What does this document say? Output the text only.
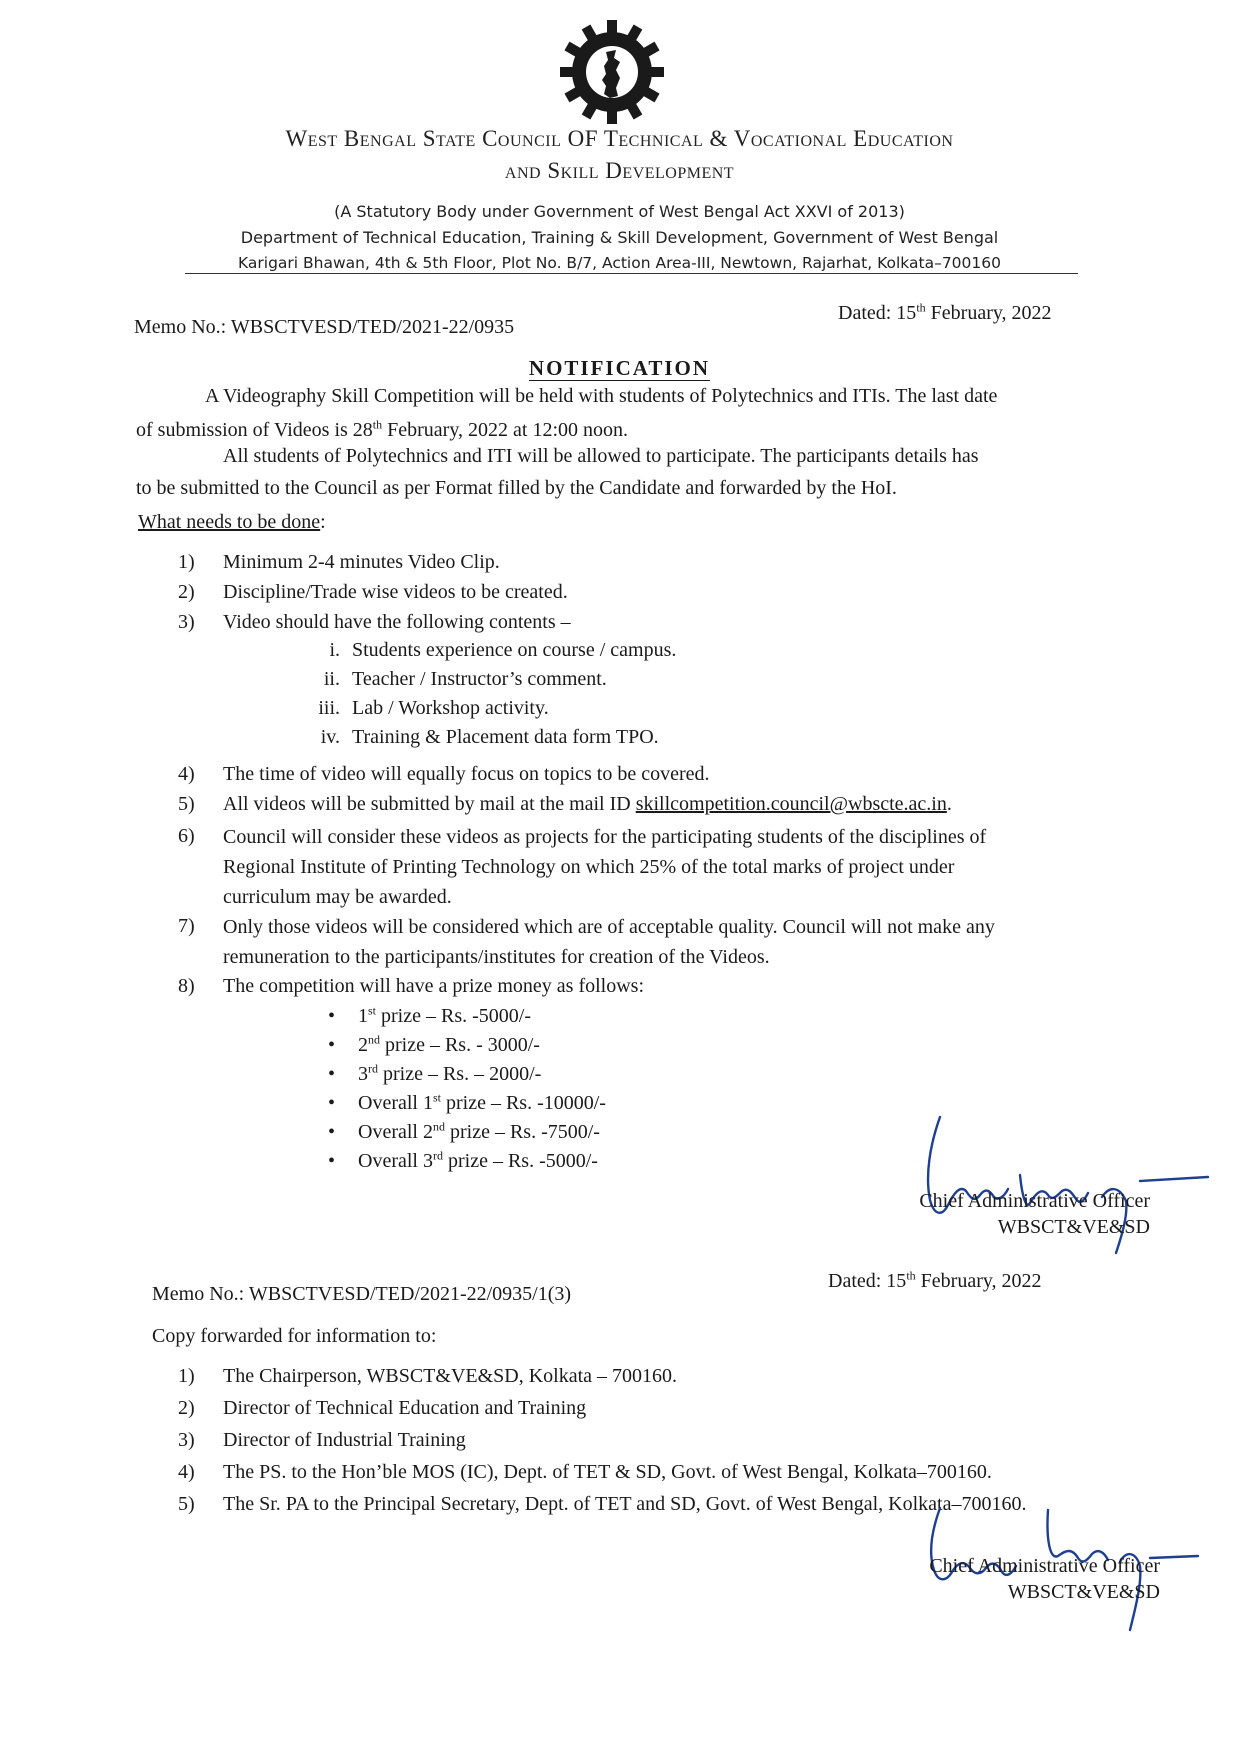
West Bengal State Council OF Technical & Vocational Education
and Skill Development
(A Statutory Body under Government of West Bengal Act XXVI of 2013)
Department of Technical Education, Training & Skill Development, Government of West Bengal
Karigari Bhawan, 4th & 5th Floor, Plot No. B/7, Action Area-III, Newtown, Rajarhat, Kolkata–700160
Memo No.: WBSCTVESD/TED/2021-22/0935
Dated: 15th February, 2022
NOTIFICATION
A Videography Skill Competition will be held with students of Polytechnics and ITIs. The last date
of submission of Videos is 28th February, 2022 at 12:00 noon.
All students of Polytechnics and ITI will be allowed to participate. The participants details has
to be submitted to the Council as per Format filled by the Candidate and forwarded by the HoI.
What needs to be done:
1)	Minimum 2-4 minutes Video Clip.
2)	Discipline/Trade wise videos to be created.
3)	Video should have the following contents –
i. Students experience on course / campus.
ii. Teacher / Instructor’s comment.
iii. Lab / Workshop activity.
iv. Training & Placement data form TPO.
4)	The time of video will equally focus on topics to be covered.
5)	All videos will be submitted by mail at the mail ID skillcompetition.council@wbscte.ac.in.
6)	Council will consider these videos as projects for the participating students of the disciplines of
Regional Institute of Printing Technology on which 25% of the total marks of project under
curriculum may be awarded.
7)	Only those videos will be considered which are of acceptable quality. Council will not make any
remuneration to the participants/institutes for creation of the Videos.
8)	The competition will have a prize money as follows:
• 1st prize – Rs. -5000/-
• 2nd prize – Rs. - 3000/-
• 3rd prize – Rs. – 2000/-
• Overall 1st prize – Rs. -10000/-
• Overall 2nd prize – Rs. -7500/-
• Overall 3rd prize – Rs. -5000/-
Chief Administrative Officer
WBSCT&VE&SD
Memo No.: WBSCTVESD/TED/2021-22/0935/1(3)
Dated: 15th February, 2022
Copy forwarded for information to:
1)	The Chairperson, WBSCT&VE&SD, Kolkata – 700160.
2)	Director of Technical Education and Training
3)	Director of Industrial Training
4)	The PS. to the Hon’ble MOS (IC), Dept. of TET & SD, Govt. of West Bengal, Kolkata–700160.
5)	The Sr. PA to the Principal Secretary, Dept. of TET and SD, Govt. of West Bengal, Kolkata–700160.
Chief Administrative Officer
WBSCT&VE&SD
